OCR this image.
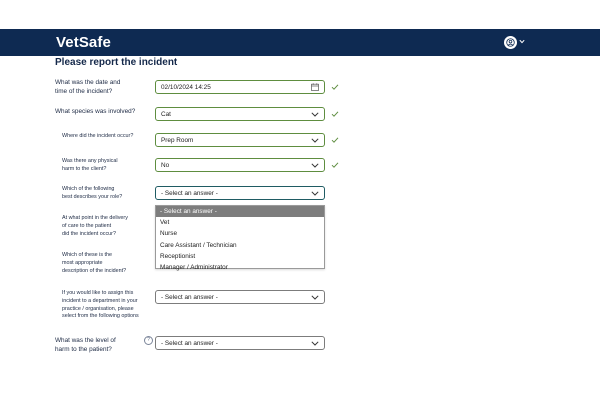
VetSafe
Please report the incident
What was the date and
time of the incident?
02/10/2024 14:25
What species was involved?	Cat
Where did the incident occur?
Prep Room
Was there any physical
harm to the client?
No
Which of the following
best describes your role?
- Select an answer -
At what point in the delivery
of care to the patient
did the incident occur?
Which of these is the
most appropriate
description of the incident?
If you would like to assign this
incident to a department in your
practice / organisation, please
select from the following options
- Select an answer -
What was the level of
harm to the patient?
?	- Select an answer -
- Select an answer -
Vet
Nurse
Care Assistant / Technician
Receptionist
Manager / Administrator
